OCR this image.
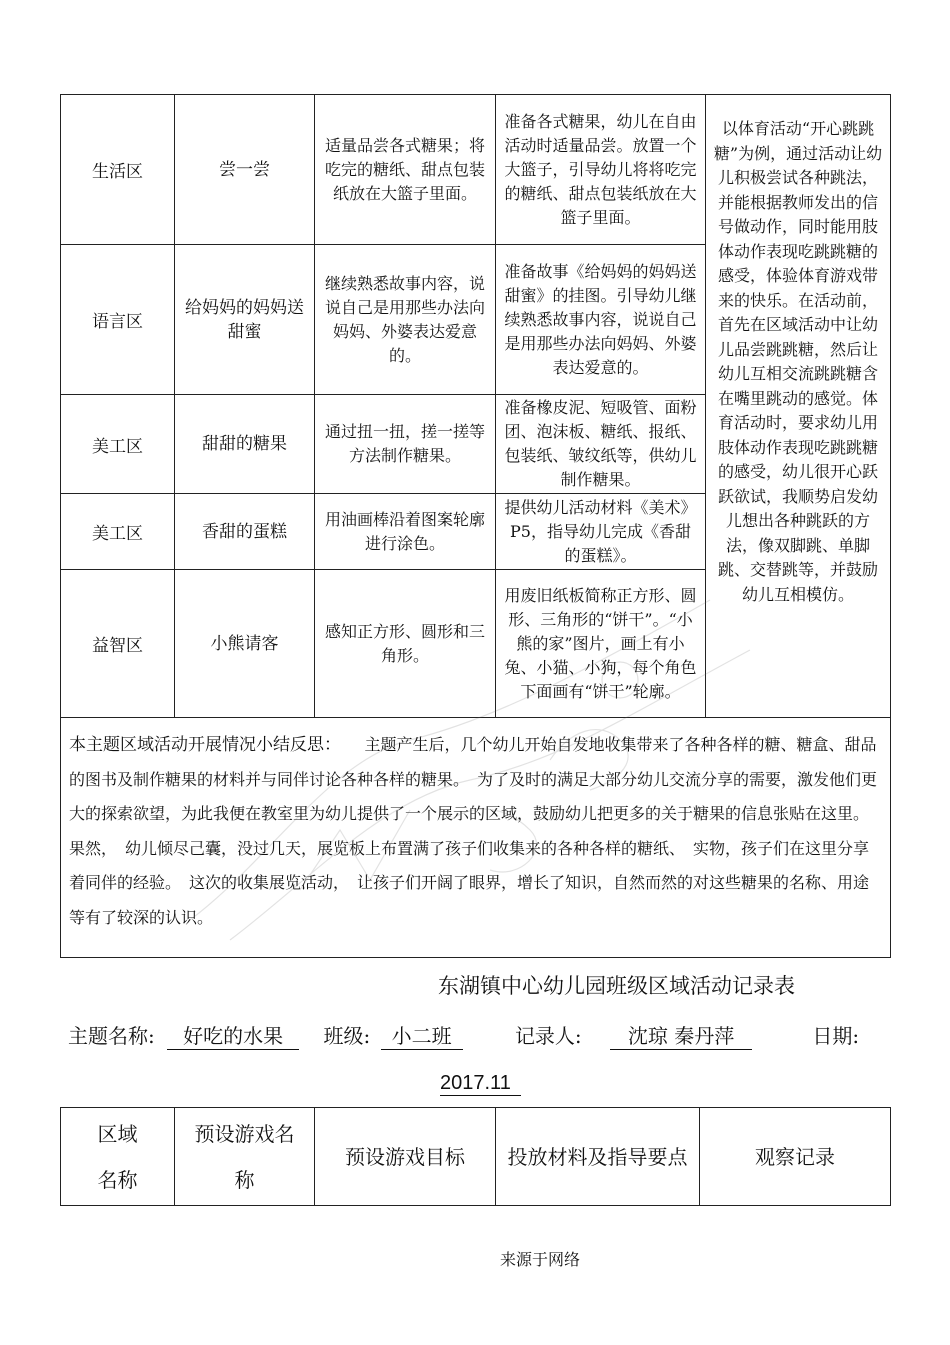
生活区	尝一尝	适量品尝各式糖果；将吃完的糖纸、甜点包装纸放在大篮子里面。	准备各式糖果，幼儿在自由活动时适量品尝。放置一个大篮子，引导幼儿将将吃完的糖纸、甜点包装纸放在大篮子里面。	以体育活动“开心跳跳糖”为例，通过活动让幼儿积极尝试各种跳法，并能根据教师发出的信号做动作，同时能用肢体动作表现吃跳跳糖的感受，体验体育游戏带来的快乐。在活动前，首先在区域活动中让幼儿品尝跳跳糖，然后让幼儿互相交流跳跳糖含在嘴里跳动的感觉。体育活动时，要求幼儿用肢体动作表现吃跳跳糖的感受，幼儿很开心跃跃欲试，我顺势启发幼儿想出各种跳跃的方法，像双脚跳、单脚跳、交替跳等，并鼓励幼儿互相模仿。
语言区	给妈妈的妈妈送甜蜜	继续熟悉故事内容，说说自己是用那些办法向妈妈、外婆表达爱意的。	准备故事《给妈妈的妈妈送甜蜜》的挂图。引导幼儿继续熟悉故事内容，说说自己是用那些办法向妈妈、外婆表达爱意的。	
美工区	甜甜的糖果	通过扭一扭，搓一搓等方法制作糖果。	准备橡皮泥、短吸管、面粉团、泡沫板、糖纸、报纸、包装纸、皱纹纸等，供幼儿制作糖果。	
美工区	香甜的蛋糕	用油画棒沿着图案轮廓进行涂色。	提供幼儿活动材料《美术》P5，指导幼儿完成《香甜的蛋糕》。	
益智区	小熊请客	感知正方形、圆形和三角形。	用废旧纸板简称正方形、圆形、三角形的“饼干”。“小熊的家”图片，画上有小兔、小猫、小狗，每个角色下面画有“饼干”轮廓。	

本主题区域活动开展情况小结反思：　　 主题产生后，几个幼儿开始自发地收集带来了各种各样的糖、糖盒、甜品的图书及制作糖果的材料并与同伴讨论各种各样的糖果。　为了及时的满足大部分幼儿交流分享的需要，激发他们更大的探索欲望，为此我便在教室里为幼儿提供了一个展示的区域，鼓励幼儿把更多的关于糖果的信息张贴在这里。果然，　幼儿倾尽己囊，没过几天，展览板上布置满了孩子们收集来的各种各样的糖纸、　实物，孩子们在这里分享着同伴的经验。　这次的收集展览活动，　让孩子们开阔了眼界，增长了知识，自然而然的对这些糖果的名称、用途等有了较深的认识。				

东湖镇中心幼儿园班级区域活动记录表
主题名称: 好吃的水果 班级: 小二班	记录人: 沈琼 秦丹萍	日期:
2017.11
区域名称	预设游戏名称	预设游戏目标	投放材料及指导要点	观察记录
来源于网络
